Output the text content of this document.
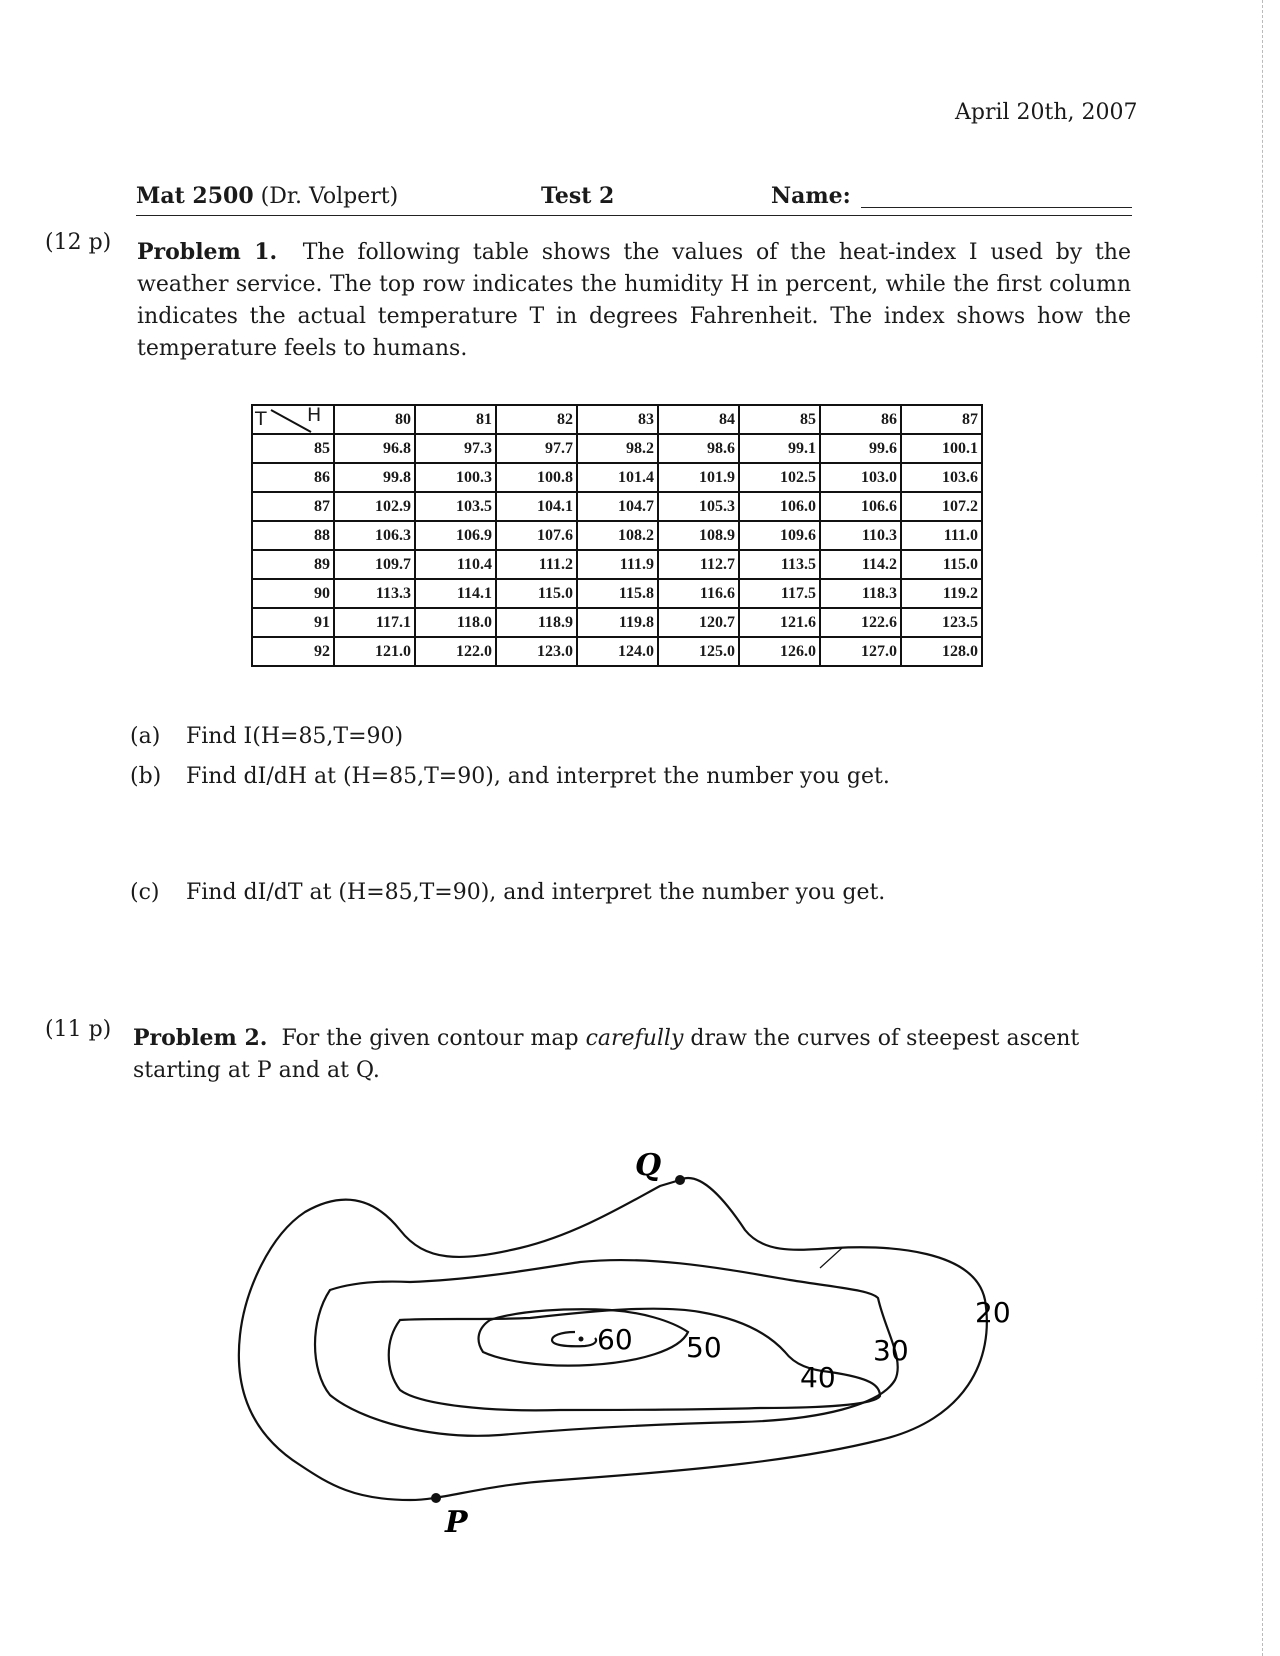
April 20th, 2007
Mat 2500 (Dr. Volpert)	Test 2	Name:
(12 p) Problem 1. The following table shows the values of the heat-index I used by the weather service. The top row indicates the humidity H in percent, while the first column indicates the actual temperature T in degrees Fahrenheit. The index shows how the temperature feels to humans.
T H	80	81	82	83	84	85	86	87
85	96.8	97.3	97.7	98.2	98.6	99.1	99.6	100.1
86	99.8	100.3	100.8	101.4	101.9	102.5	103.0	103.6
87	102.9	103.5	104.1	104.7	105.3	106.0	106.6	107.2
88	106.3	106.9	107.6	108.2	108.9	109.6	110.3	111.0
89	109.7	110.4	111.2	111.9	112.7	113.5	114.2	115.0
90	113.3	114.1	115.0	115.8	116.6	117.5	118.3	119.2
91	117.1	118.0	118.9	119.8	120.7	121.6	122.6	123.5
92	121.0	122.0	123.0	124.0	125.0	126.0	127.0	128.0
(a) Find I(H=85,T=90)
(b) Find dI/dH at (H=85,T=90), and interpret the number you get.
(c) Find dI/dT at (H=85,T=90), and interpret the number you get.
(11 p) Problem 2. For the given contour map carefully draw the curves of steepest ascent starting at P and at Q.
60 50
40
30
20
Q
P
